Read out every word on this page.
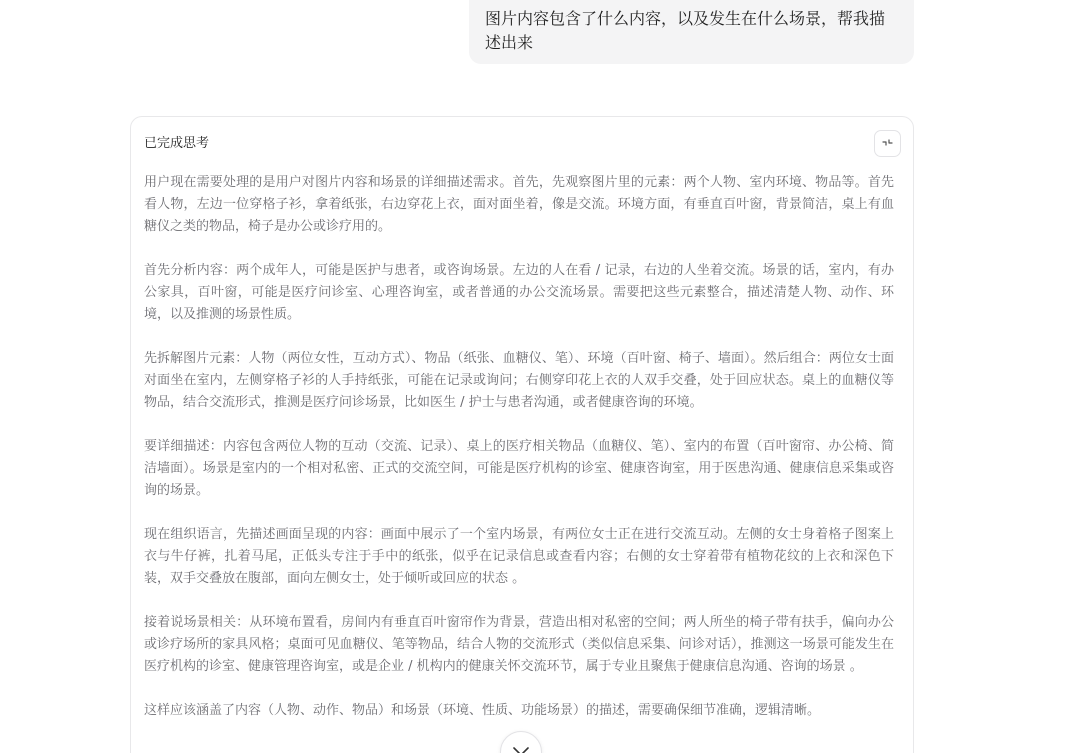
图片内容包含了什么内容，以及发生在什么场景，帮我描述出来
已完成思考

用户现在需要处理的是用户对图片内容和场景的详细描述需求。首先，先观察图片里的元素：两个人物、室内环境、物品等。首先看人物，左边一位穿格子衫，拿着纸张，右边穿花上衣，面对面坐着，像是交流。环境方面，有垂直百叶窗，背景简洁，桌上有血糖仪之类的物品，椅子是办公或诊疗用的。

首先分析内容：两个成年人，可能是医护与患者，或咨询场景。左边的人在看 / 记录，右边的人坐着交流。场景的话，室内，有办公家具，百叶窗，可能是医疗问诊室、心理咨询室，或者普通的办公交流场景。需要把这些元素整合，描述清楚人物、动作、环境，以及推测的场景性质。

先拆解图片元素：人物（两位女性，互动方式）、物品（纸张、血糖仪、笔）、环境（百叶窗、椅子、墙面）。然后组合：两位女士面对面坐在室内，左侧穿格子衫的人手持纸张，可能在记录或询问；右侧穿印花上衣的人双手交叠，处于回应状态。桌上的血糖仪等物品，结合交流形式，推测是医疗问诊场景，比如医生 / 护士与患者沟通，或者健康咨询的环境。

要详细描述：内容包含两位人物的互动（交流、记录）、桌上的医疗相关物品（血糖仪、笔）、室内的布置（百叶窗帘、办公椅、简洁墙面）。场景是室内的一个相对私密、正式的交流空间，可能是医疗机构的诊室、健康咨询室，用于医患沟通、健康信息采集或咨询的场景。

现在组织语言，先描述画面呈现的内容：画面中展示了一个室内场景，有两位女士正在进行交流互动。左侧的女士身着格子图案上衣与牛仔裤，扎着马尾，正低头专注于手中的纸张，似乎在记录信息或查看内容；右侧的女士穿着带有植物花纹的上衣和深色下装，双手交叠放在腹部，面向左侧女士，处于倾听或回应的状态 。

接着说场景相关：从环境布置看，房间内有垂直百叶窗帘作为背景，营造出相对私密的空间；两人所坐的椅子带有扶手，偏向办公或诊疗场所的家具风格；桌面可见血糖仪、笔等物品，结合人物的交流形式（类似信息采集、问诊对话），推测这一场景可能发生在医疗机构的诊室、健康管理咨询室，或是企业 / 机构内的健康关怀交流环节，属于专业且聚焦于健康信息沟通、咨询的场景 。

这样应该涵盖了内容（人物、动作、物品）和场景（环境、性质、功能场景）的描述，需要确保细节准确，逻辑清晰。
